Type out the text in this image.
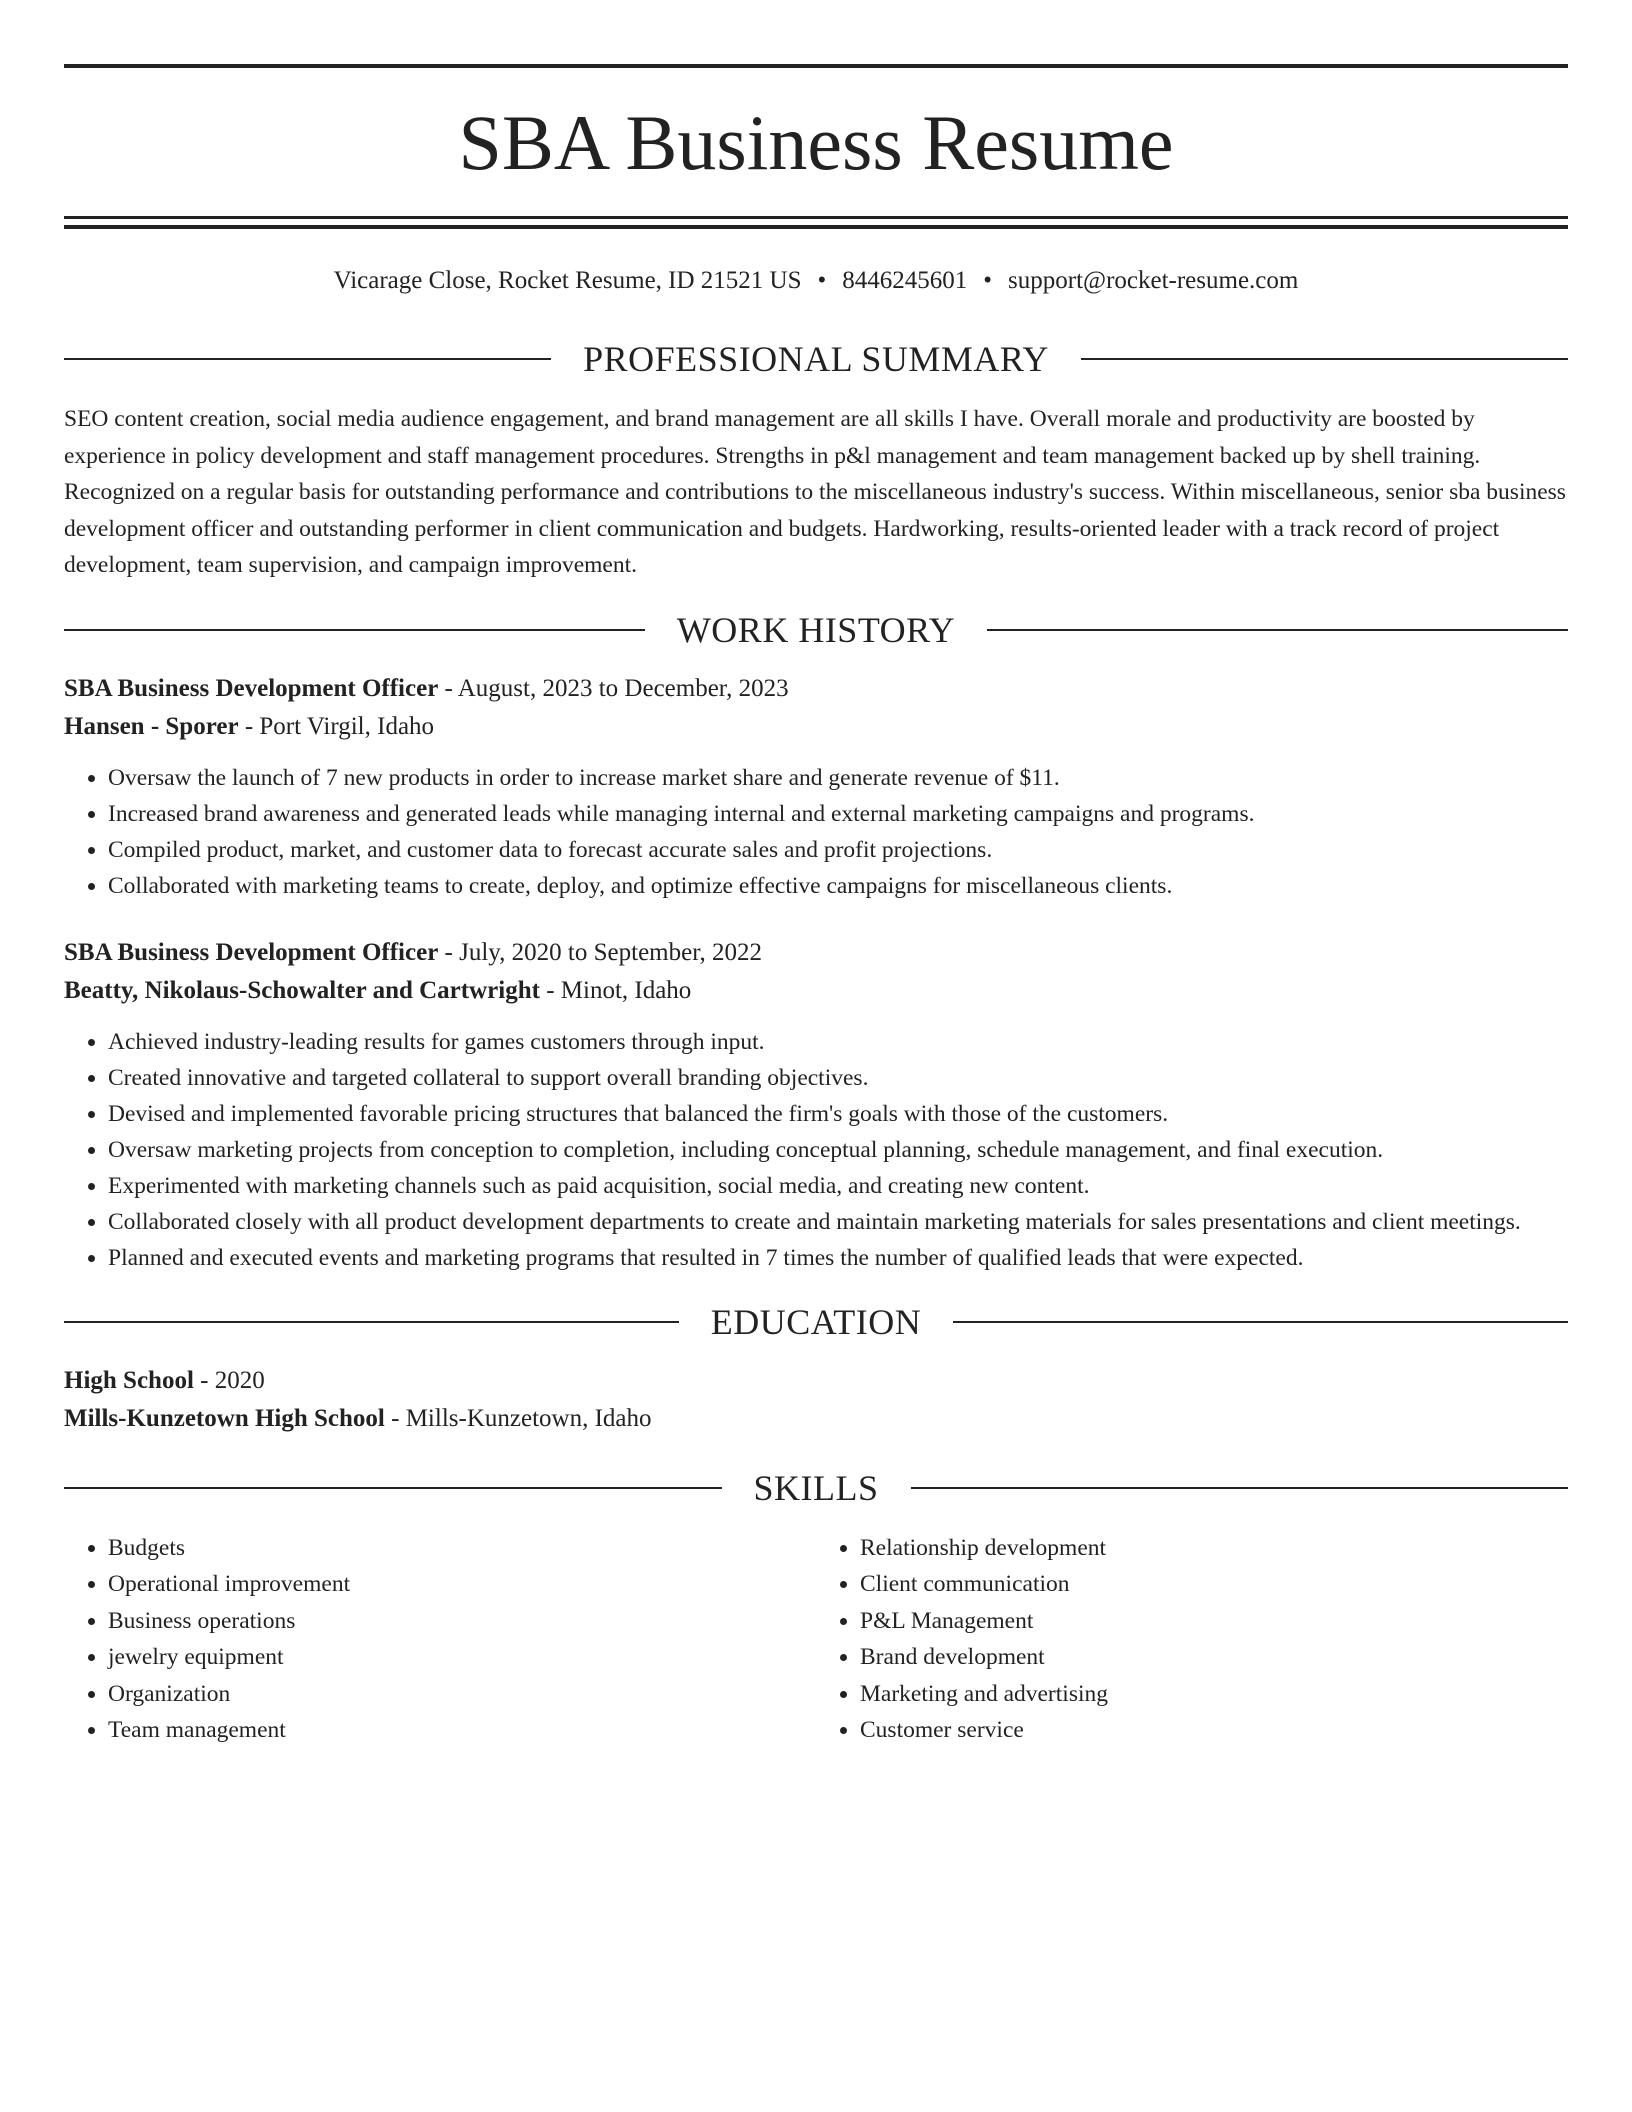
SBA Business Resume
Vicarage Close, Rocket Resume, ID 21521 US • 8446245601 • support@rocket-resume.com
PROFESSIONAL SUMMARY
SEO content creation, social media audience engagement, and brand management are all skills I have. Overall morale and productivity are boosted by experience in policy development and staff management procedures. Strengths in p&l management and team management backed up by shell training. Recognized on a regular basis for outstanding performance and contributions to the miscellaneous industry's success. Within miscellaneous, senior sba business development officer and outstanding performer in client communication and budgets. Hardworking, results-oriented leader with a track record of project development, team supervision, and campaign improvement.
WORK HISTORY
SBA Business Development Officer - August, 2023 to December, 2023
Hansen - Sporer - Port Virgil, Idaho
• Oversaw the launch of 7 new products in order to increase market share and generate revenue of $11.
• Increased brand awareness and generated leads while managing internal and external marketing campaigns and programs.
• Compiled product, market, and customer data to forecast accurate sales and profit projections.
• Collaborated with marketing teams to create, deploy, and optimize effective campaigns for miscellaneous clients.
SBA Business Development Officer - July, 2020 to September, 2022
Beatty, Nikolaus-Schowalter and Cartwright - Minot, Idaho
• Achieved industry-leading results for games customers through input.
• Created innovative and targeted collateral to support overall branding objectives.
• Devised and implemented favorable pricing structures that balanced the firm's goals with those of the customers.
• Oversaw marketing projects from conception to completion, including conceptual planning, schedule management, and final execution.
• Experimented with marketing channels such as paid acquisition, social media, and creating new content.
• Collaborated closely with all product development departments to create and maintain marketing materials for sales presentations and client meetings.
• Planned and executed events and marketing programs that resulted in 7 times the number of qualified leads that were expected.
EDUCATION
High School - 2020
Mills-Kunzetown High School - Mills-Kunzetown, Idaho
SKILLS
• Budgets
• Operational improvement
• Business operations
• jewelry equipment
• Organization
• Team management
• Relationship development
• Client communication
• P&L Management
• Brand development
• Marketing and advertising
• Customer service
